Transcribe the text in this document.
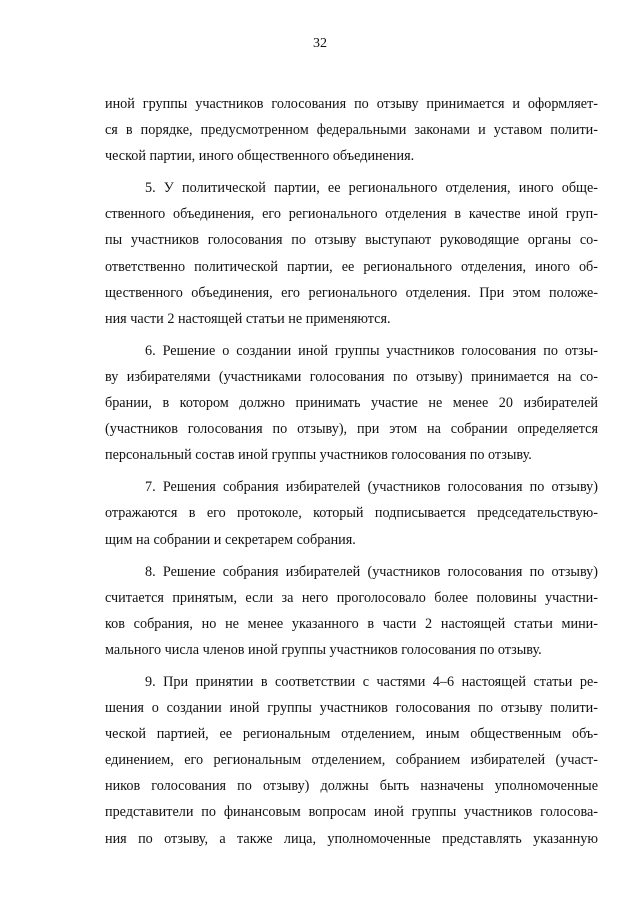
32
иной группы участников голосования по отзыву принимается и оформляет-
ся в порядке, предусмотренном федеральными законами и уставом полити-
ческой партии, иного общественного объединения.
5. У политической партии, ее регионального отделения, иного обще-
ственного объединения, его регионального отделения в качестве иной груп-
пы участников голосования по отзыву выступают руководящие органы со-
ответственно политической партии, ее регионального отделения, иного об-
щественного объединения, его регионального отделения. При этом положе-
ния части 2 настоящей статьи не применяются.
6. Решение о создании иной группы участников голосования по отзы-
ву избирателями (участниками голосования по отзыву) принимается на со-
брании, в котором должно принимать участие не менее 20 избирателей
(участников голосования по отзыву), при этом на собрании определяется
персональный состав иной группы участников голосования по отзыву.
7. Решения собрания избирателей (участников голосования по отзыву)
отражаются в его протоколе, который подписывается председательствую-
щим на собрании и секретарем собрания.
8. Решение собрания избирателей (участников голосования по отзыву)
считается принятым, если за него проголосовало более половины участни-
ков собрания, но не менее указанного в части 2 настоящей статьи мини-
мального числа членов иной группы участников голосования по отзыву.
9. При принятии в соответствии с частями 4–6 настоящей статьи ре-
шения о создании иной группы участников голосования по отзыву полити-
ческой партией, ее региональным отделением, иным общественным объ-
единением, его региональным отделением, собранием избирателей (участ-
ников голосования по отзыву) должны быть назначены уполномоченные
представители по финансовым вопросам иной группы участников голосова-
ния по отзыву, а также лица, уполномоченные представлять указанную
